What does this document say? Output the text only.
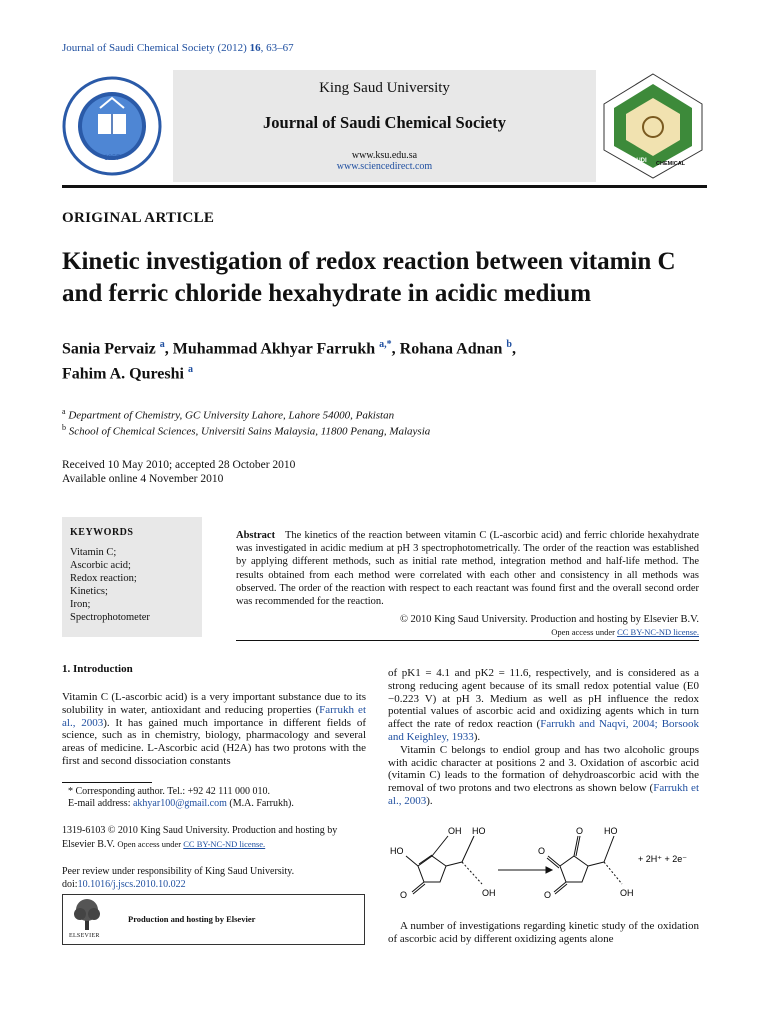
Journal of Saudi Chemical Society (2012) 16, 63–67
1957
King Saud University
Journal of Saudi Chemical Society
www.ksu.edu.sa
www.sciencedirect.com	SAUDI CHEMICAL
ORIGINAL ARTICLE
Kinetic investigation of redox reaction between vitamin C
and ferric chloride hexahydrate in acidic medium
Sania Pervaiz $^a$, Muhammad Akhyar Farrukh $^{a,*}$, Rohana Adnan $^b$,
Fahim A. Qureshi $^a$
$^a$ Department of Chemistry, GC University Lahore, Lahore 54000, Pakistan
$^b$ School of Chemical Sciences, Universiti Sains Malaysia, 11800 Penang, Malaysia
Received 10 May 2010; accepted 28 October 2010
Available online 4 November 2010
KEYWORDS
Vitamin C;
Ascorbic acid;
Redox reaction;
Kinetics;
Iron;
Spectrophotometer
Abstract The kinetics of the reaction between vitamin C (L-ascorbic acid) and ferric chloride hexahydrate was investigated in acidic medium at pH 3 spectrophotometrically. The order of the reaction was established by applying different methods, such as initial rate method, integration method and half-life method. The results obtained from each method were correlated with each other and consistency in all methods was observed. The order of the reaction with respect to each reactant was found first and the overall second order was recommended for the reaction.
© 2010 King Saud University. Production and hosting by Elsevier B.V.
Open access under CC BY-NC-ND license.
1. Introduction
Vitamin C (L-ascorbic acid) is a very important substance due to its solubility in water, antioxidant and reducing properties (Farrukh et al., 2003). It has gained much importance in different fields of science, such as in chemistry, biology, pharmacology and several areas of medicine. L-Ascorbic acid (H2A) has two protons with the first and second dissociation constants
* Corresponding author. Tel.: +92 42 111 000 010.
E-mail address: akhyar100@gmail.com (M.A. Farrukh).
1319-6103 © 2010 King Saud University. Production and hosting by Elsevier B.V. Open access under CC BY-NC-ND license.
Peer review under responsibility of King Saud University.
doi:10.1016/j.jscs.2010.10.022
ELSEVIER
Production and hosting by Elsevier
of pK1 = 4.1 and pK2 = 11.6, respectively, and is considered as a strong reducing agent because of its small redox potential value (E0 −0.223 V) at pH 3. Medium as well as pH influence the redox potential values of ascorbic acid and oxidizing agents which in turn affect the rate of redox reaction (Farrukh and Naqvi, 2004; Borsook and Keighley, 1933).
Vitamin C belongs to endiol group and has two alcoholic groups with acidic character at positions 2 and 3. Oxidation of ascorbic acid (vitamin C) leads to the formation of dehydroascorbic acid with the removal of two protons and two electrons as shown below (Farrukh et al., 2003).
OH HO
HO
O	OH
O HO
O
O	OH
+ 2H⁺ + 2e⁻
A number of investigations regarding kinetic study of the oxidation of ascorbic acid by different oxidizing agents alone
